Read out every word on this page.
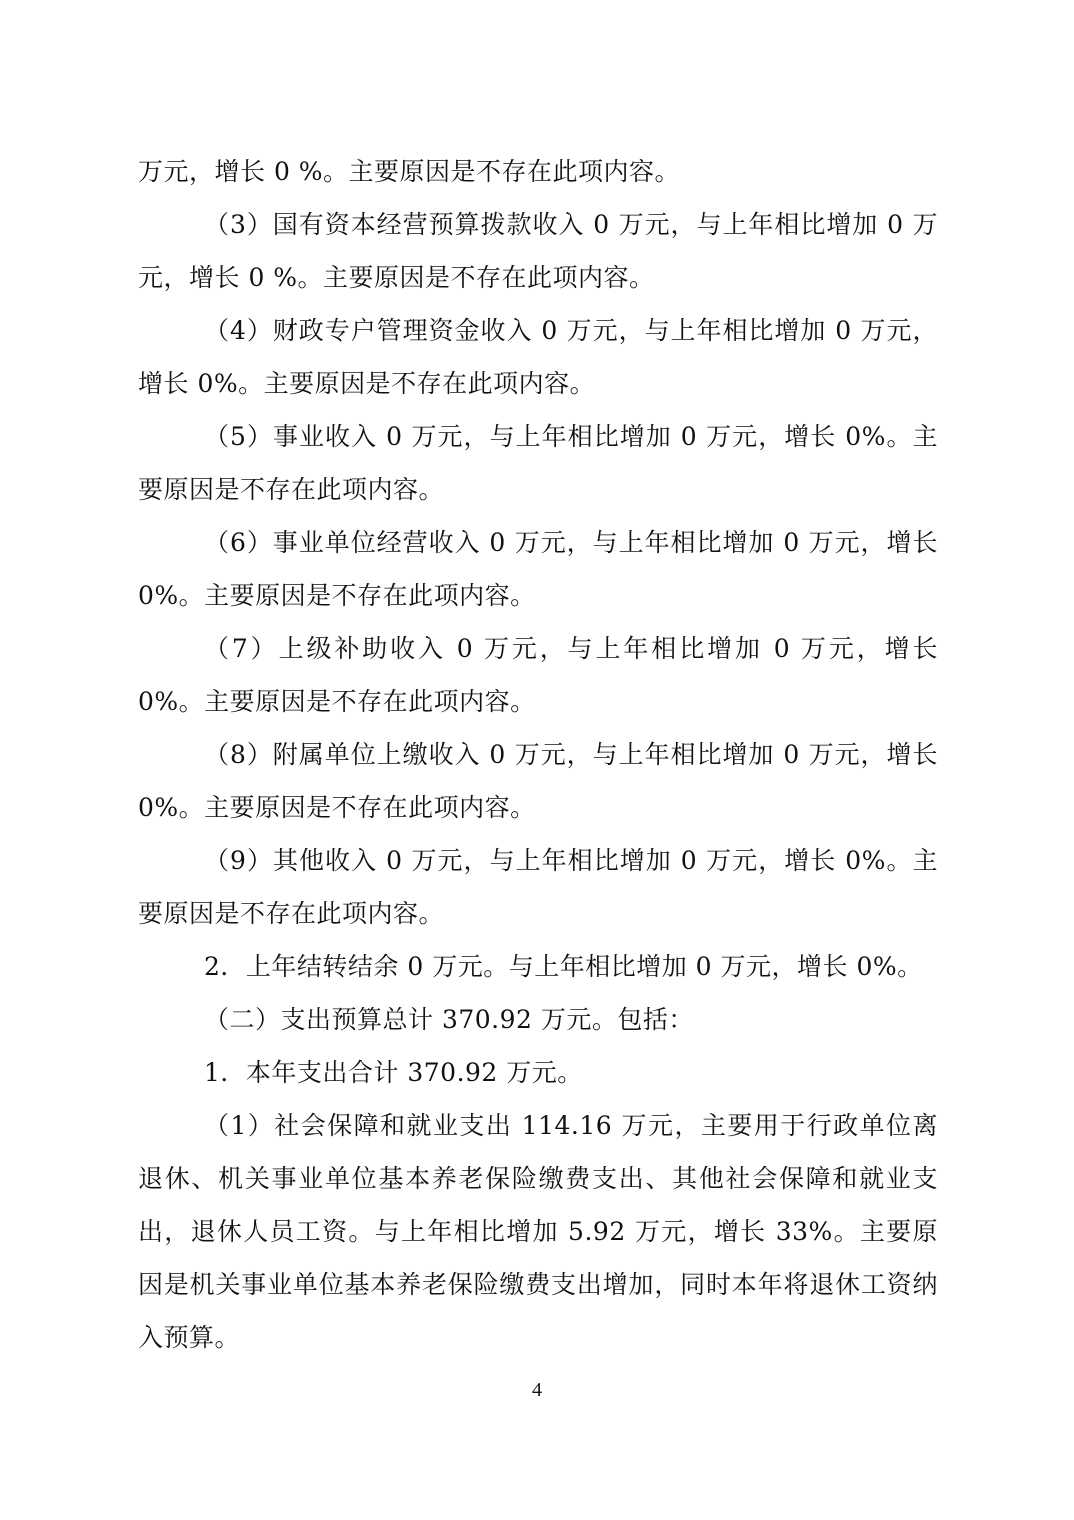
万元，增长 0 %。主要原因是不存在此项内容。

（3）国有资本经营预算拨款收入 0 万元，与上年相比增加 0 万元，增长 0 %。主要原因是不存在此项内容。

（4）财政专户管理资金收入 0 万元，与上年相比增加 0 万元，增长 0%。主要原因是不存在此项内容。

（5）事业收入 0 万元，与上年相比增加 0 万元，增长 0%。主要原因是不存在此项内容。

（6）事业单位经营收入 0 万元，与上年相比增加 0 万元，增长 0%。主要原因是不存在此项内容。

（7）上级补助收入 0 万元，与上年相比增加 0 万元，增长 0%。主要原因是不存在此项内容。

（8）附属单位上缴收入 0 万元，与上年相比增加 0 万元，增长 0%。主要原因是不存在此项内容。

（9）其他收入 0 万元，与上年相比增加 0 万元，增长 0%。主要原因是不存在此项内容。

2．上年结转结余 0 万元。与上年相比增加 0 万元，增长 0%。

（二）支出预算总计 370.92 万元。包括：

1．本年支出合计 370.92 万元。

（1）社会保障和就业支出 114.16 万元，主要用于行政单位离退休、机关事业单位基本养老保险缴费支出、其他社会保障和就业支出，退休人员工资。与上年相比增加 5.92 万元，增长 33%。主要原因是机关事业单位基本养老保险缴费支出增加，同时本年将退休工资纳入预算。

4
